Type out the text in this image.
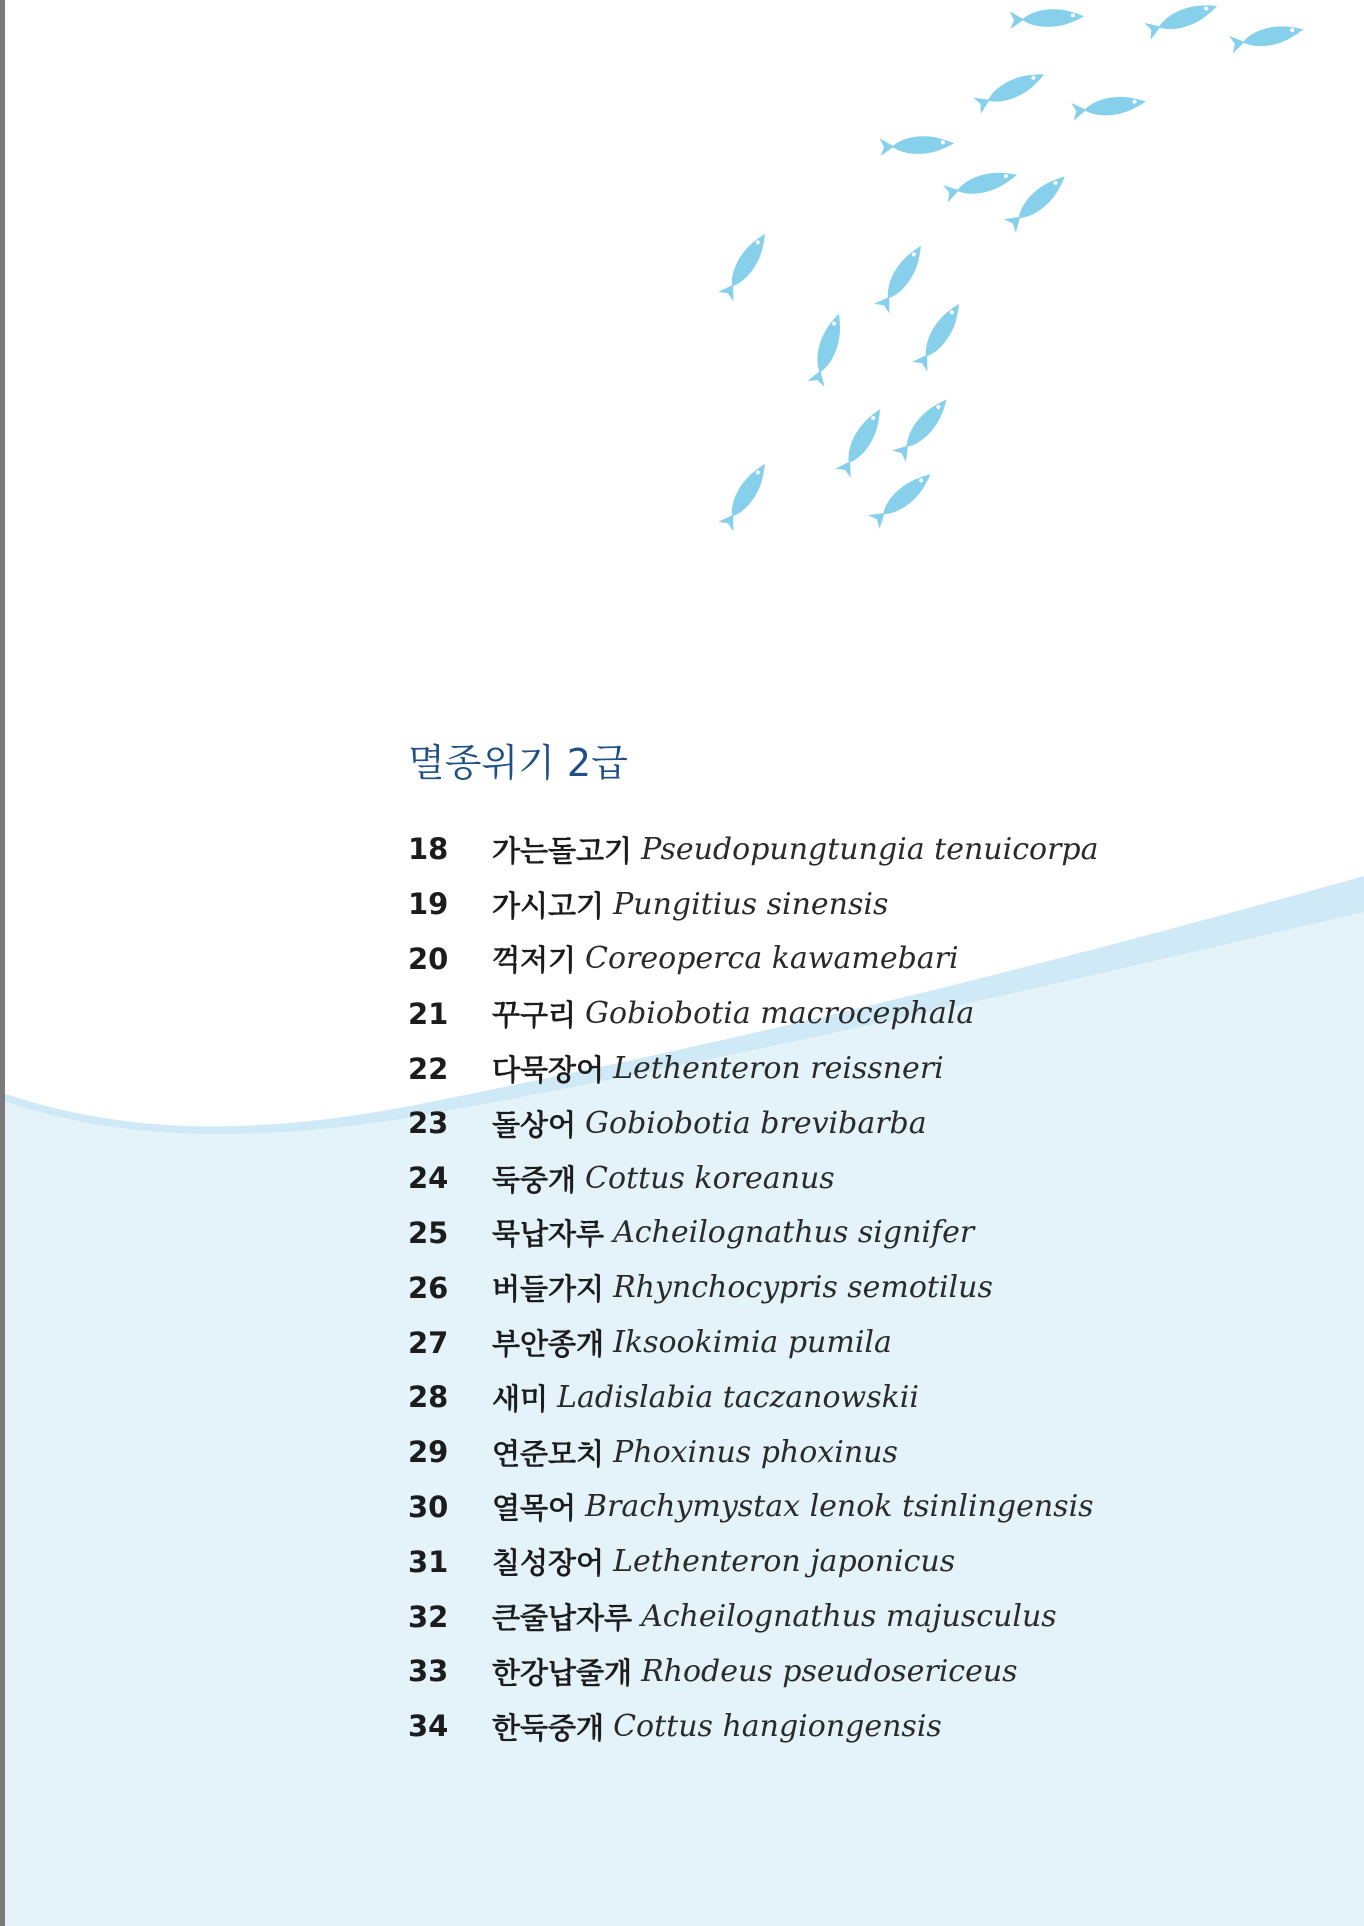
멸종위기 2급
18	가는돌고기 Pseudopungtungia tenuicorpa
19	가시고기 Pungitius sinensis
20	꺽저기 Coreoperca kawamebari
21	꾸구리 Gobiobotia macrocephala
22	다묵장어 Lethenteron reissneri
23	돌상어 Gobiobotia brevibarba
24	둑중개 Cottus koreanus
25	묵납자루 Acheilognathus signifer
26	버들가지 Rhynchocypris semotilus
27	부안종개 Iksookimia pumila
28	새미 Ladislabia taczanowskii
29	연준모치 Phoxinus phoxinus
30	열목어 Brachymystax lenok tsinlingensis
31	칠성장어 Lethenteron japonicus
32	큰줄납자루 Acheilognathus majusculus
33	한강납줄개 Rhodeus pseudosericeus
34	한둑중개 Cottus hangiongensis
